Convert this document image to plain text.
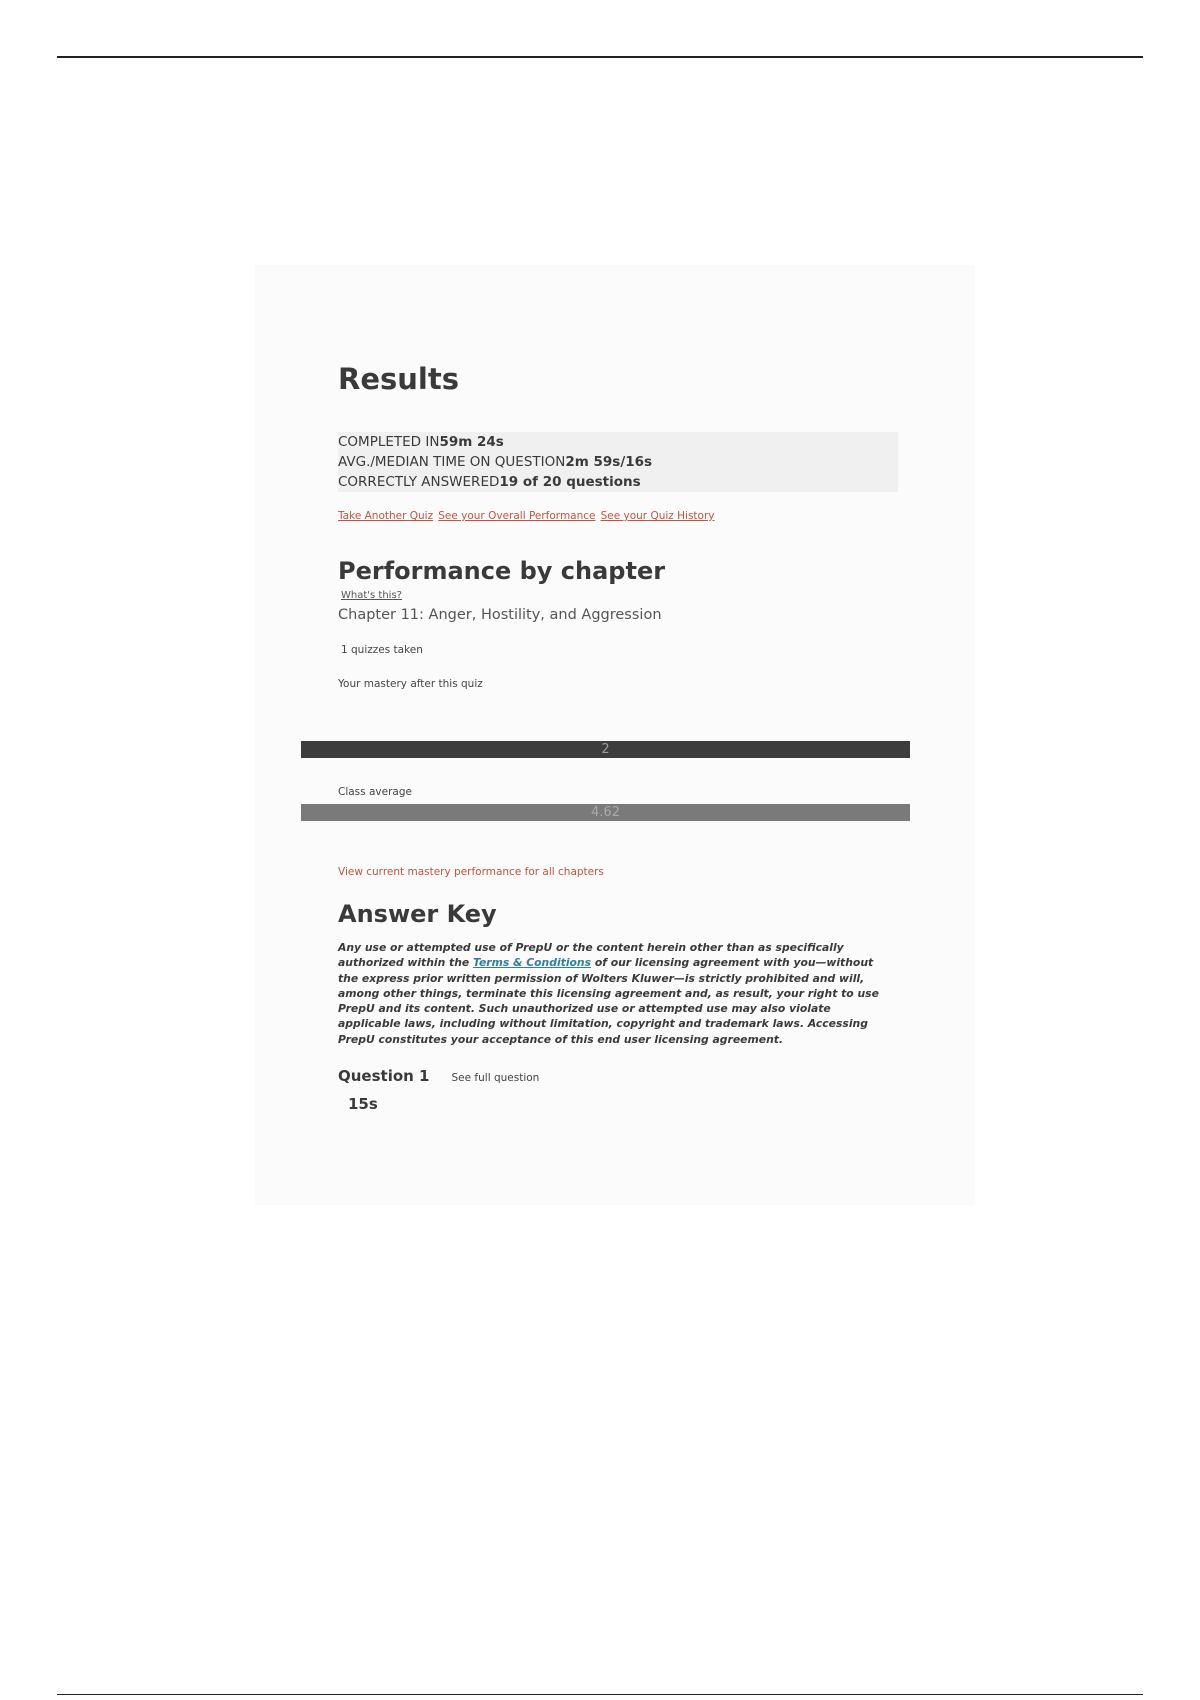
Results
COMPLETED IN59m 24s
AVG./MEDIAN TIME ON QUESTION2m 59s/16s
CORRECTLY ANSWERED19 of 20 questions
Take Another Quiz See your Overall Performance See your Quiz History
Performance by chapter
What's this?
Chapter 11: Anger, Hostility, and Aggression
1 quizzes taken
Your mastery after this quiz
2
Class average
4.62
View current mastery performance for all chapters
Answer Key
Any use or attempted use of PrepU or the content herein other than as specifically authorized within the Terms & Conditions of our licensing agreement with you—without the express prior written permission of Wolters Kluwer—is strictly prohibited and will, among other things, terminate this licensing agreement and, as result, your right to use PrepU and its content. Such unauthorized use or attempted use may also violate applicable laws, including without limitation, copyright and trademark laws. Accessing PrepU constitutes your acceptance of this end user licensing agreement.
Question 1 See full question
15s
